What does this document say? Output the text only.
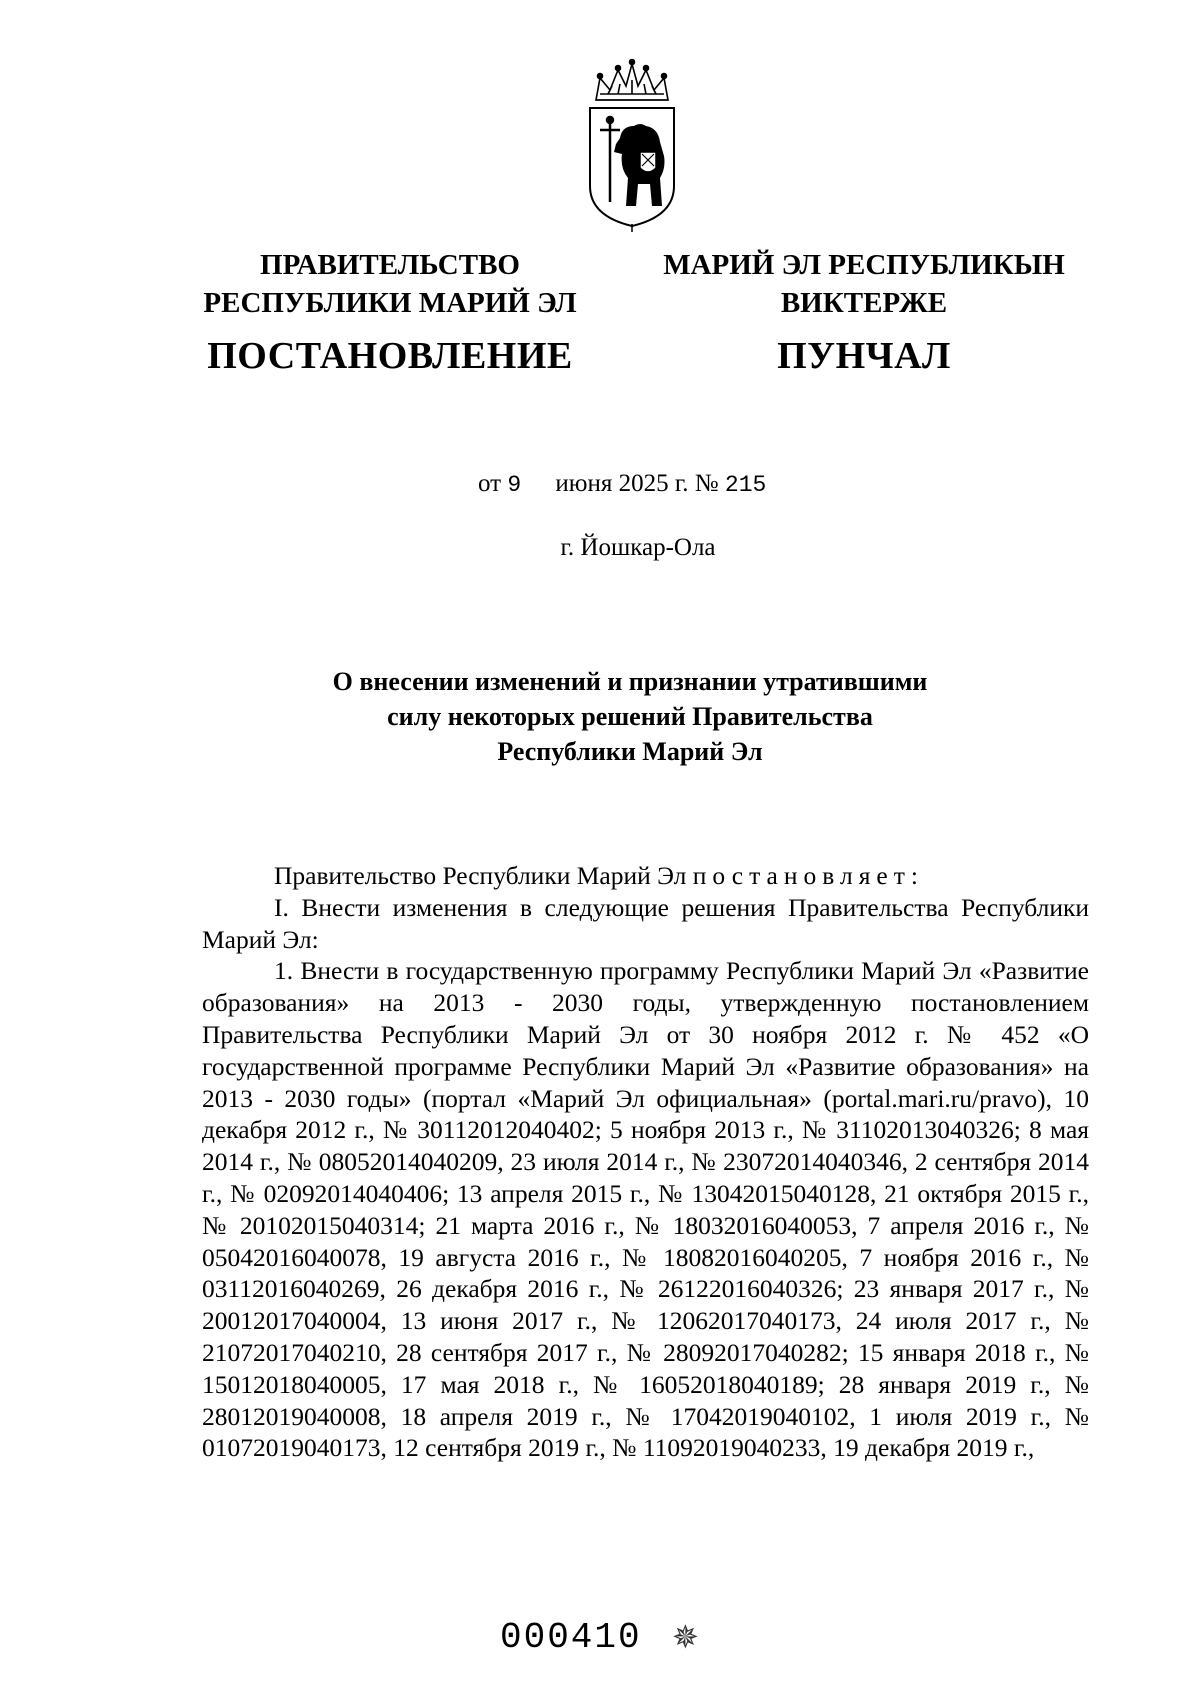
ПРАВИТЕЛЬСТВО
РЕСПУБЛИКИ МАРИЙ ЭЛ
МАРИЙ ЭЛ РЕСПУБЛИКЫН
ВИКТЕРЖЕ
ПОСТАНОВЛЕНИЕ	ПУНЧАЛ
от 9 июня 2025 г. № 215
г. Йошкар-Ола
О внесении изменений и признании утратившими
силу некоторых решений Правительства
Республики Марий Эл

Правительство Республики Марий Эл постановляет:

I. Внести изменения в следующие решения Правительства Республики Марий Эл:

1. Внести в государственную программу Республики Марий Эл «Развитие образования» на 2013 - 2030 годы, утвержденную постановлением Правительства Республики Марий Эл от 30 ноября 2012 г. № 452 «О государственной программе Республики Марий Эл «Развитие образования» на 2013 - 2030 годы» (портал «Марий Эл официальная» (portal.mari.ru/pravo), 10 декабря 2012 г., № 30112012040402; 5 ноября 2013 г., № 31102013040326; 8 мая 2014 г., № 08052014040209, 23 июля 2014 г., № 23072014040346, 2 сентября 2014 г., № 02092014040406; 13 апреля 2015 г., № 13042015040128, 21 октября 2015 г., № 20102015040314; 21 марта 2016 г., № 18032016040053, 7 апреля 2016 г., № 05042016040078, 19 августа 2016 г., № 18082016040205, 7 ноября 2016 г., № 03112016040269, 26 декабря 2016 г., № 26122016040326; 23 января 2017 г., № 20012017040004, 13 июня 2017 г., № 12062017040173, 24 июля 2017 г., № 21072017040210, 28 сентября 2017 г., № 28092017040282; 15 января 2018 г., № 15012018040005, 17 мая 2018 г., № 16052018040189; 28 января 2019 г., № 28012019040008, 18 апреля 2019 г., № 17042019040102, 1 июля 2019 г., № 01072019040173, 12 сентября 2019 г., № 11092019040233, 19 декабря 2019 г.,

000410 ✵
